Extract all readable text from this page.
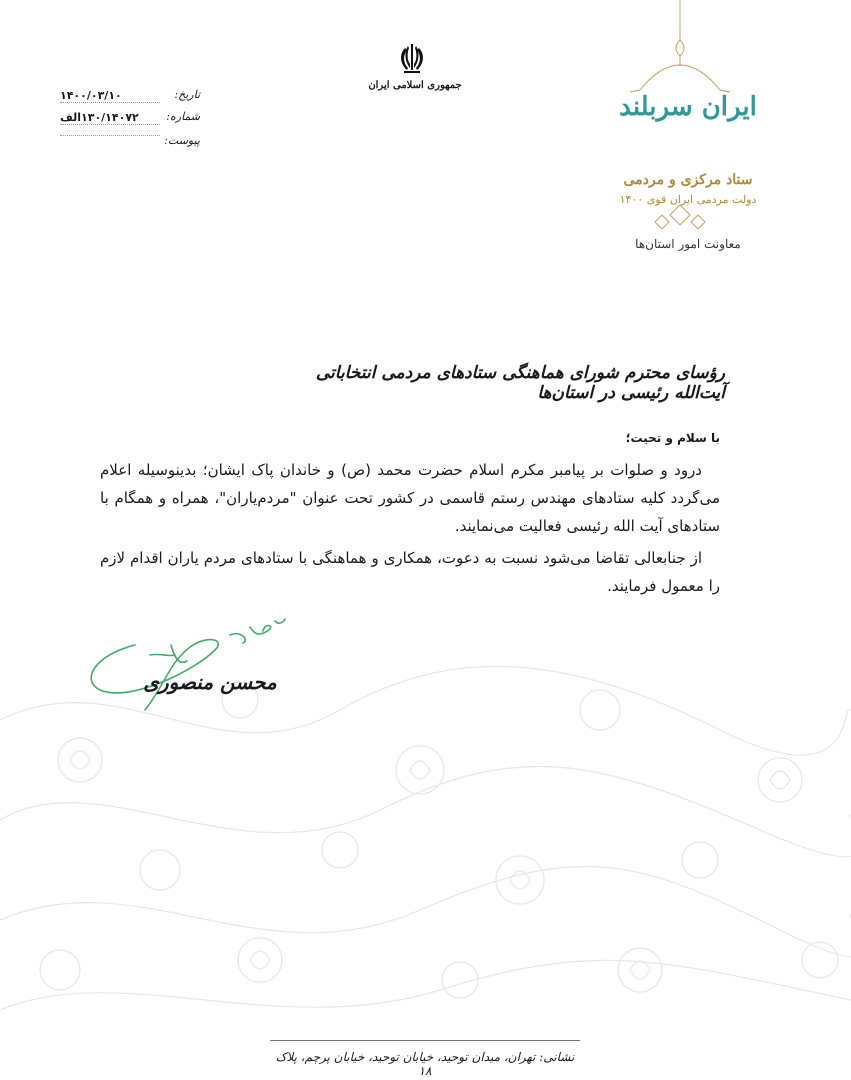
جمهوری اسلامی ایران
تاریخ:
۱۴۰۰/۰۳/۱۰
شماره:
۱۳۰/۱۴۰۷۲الف
پیوست:
ایران سربلند
ستاد مرکزی و مردمی
دولت مردمی ایران قوی ۱۴۰۰
معاونت امور استان‌ها
رؤسای محترم شورای هماهنگی ستادهای مردمی انتخاباتی آیت‌الله رئیسی در استان‌ها
با سلام و تحیت؛

درود و صلوات بر پیامبر مکرم اسلام حضرت محمد (ص) و خاندان پاک ایشان؛ بدینوسیله اعلام می‌گردد کلیه ستادهای مهندس رستم قاسمی در کشور تحت عنوان "مردم‌یاران"، همراه و همگام با ستادهای آیت الله رئیسی فعالیت می‌نمایند.

از جنابعالی تقاضا می‌شود نسبت به دعوت، همکاری و هماهنگی با ستادهای مردم یاران اقدام لازم را معمول فرمایند.

محسن منصوری
نشانی: تهران، میدان توحید، خیابان توحید، خیابان پرچم، پلاک ۱۸
